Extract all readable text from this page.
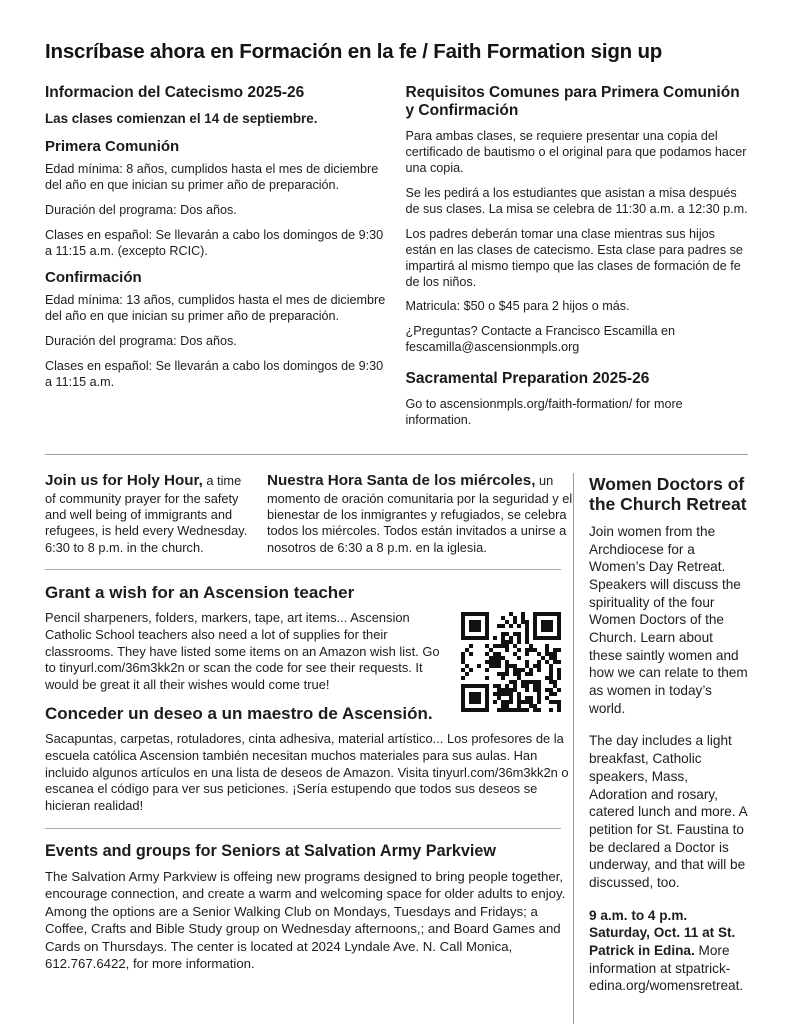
Inscríbase ahora en Formación en la fe / Faith Formation sign up
Informacion del Catecismo 2025-26

Las clases comienzan el 14 de septiembre.

Primera Comunión

Edad mínima: 8 años, cumplidos hasta el mes de diciembre del año en que inician su primer año de preparación.

Duración del programa: Dos años.

Clases en español: Se llevarán a cabo los domingos de 9:30 a 11:15 a.m. (excepto RCIC).

Confirmación

Edad mínima: 13 años, cumplidos hasta el mes de diciembre del año en que inician su primer año de preparación.

Duración del programa: Dos años.

Clases en español: Se llevarán a cabo los domingos de 9:30 a 11:15 a.m.

Requisitos Comunes para Primera Comunión y Confirmación

Para ambas clases, se requiere presentar una copia del certificado de bautismo o el original para que podamos hacer una copia.

Se les pedirá a los estudiantes que asistan a misa después de sus clases. La misa se celebra de 11:30 a.m. a 12:30 p.m.

Los padres deberán tomar una clase mientras sus hijos están en las clases de catecismo. Esta clase para padres se impartirá al mismo tiempo que las clases de formación de fe de los niños.

Matricula: $50 o $45 para 2 hijos o más.

¿Preguntas? Contacte a Francisco Escamilla en fescamilla@ascensionmpls.org

Sacramental Preparation 2025-26

Go to ascensionmpls.org/faith-formation/ for more information.

Join us for Holy Hour, a time of community prayer for the safety and well being of immigrants and refugees, is held every Wednesday. 6:30 to 8 p.m. in the church.

Nuestra Hora Santa de los miércoles, un momento de oración comunitaria por la seguridad y el bienestar de los inmigrantes y refugiados, se celebra todos los miércoles. Todos están invitados a unirse a nosotros de 6:30 a 8 p.m. en la iglesia.

Grant a wish for an Ascension teacher

Pencil sharpeners, folders, markers, tape, art items... Ascension Catholic School teachers also need a lot of supplies for their classrooms. They have listed some items on an Amazon wish list. Go to tinyurl.com/36m3kk2n or scan the code for see their requests. It would be great it all their wishes would come true!

Conceder un deseo a un maestro de Ascensión.

Sacapuntas, carpetas, rotuladores, cinta adhesiva, material artístico... Los profesores de la escuela católica Ascension también necesitan muchos materiales para sus aulas. Han incluido algunos artículos en una lista de deseos de Amazon. Visita tinyurl.com/36m3kk2n o escanea el código para ver sus peticiones. ¡Sería estupendo que todos sus deseos se hicieran realidad!

Events and groups for Seniors at Salvation Army Parkview

The Salvation Army Parkview is offeing new programs designed to bring people together, encourage connection, and create a warm and welcoming space for older adults to enjoy. Among the options are a Senior Walking Club on Mondays, Tuesdays and Fridays; a Coffee, Crafts and Bible Study group on Wednesday afternoons,; and Board Games and Cards on Thursdays. The center is located at 2024 Lyndale Ave. N. Call Monica, 612.767.6422, for more information.

Women Doctors of the Church Retreat

Join women from the Archdiocese for a Women’s Day Retreat. Speakers will discuss the spirituality of the four Women Doctors of the Church. Learn about these saintly women and how we can relate to them as women in today’s world.

The day includes a light breakfast, Catholic speakers, Mass, Adoration and rosary, catered lunch and more. A petition for St. Faustina to be declared a Doctor is underway, and that will be discussed, too.

9 a.m. to 4 p.m. Saturday, Oct. 11 at St. Patrick in Edina. More information at stpatrick-edina.org/womensretreat.
